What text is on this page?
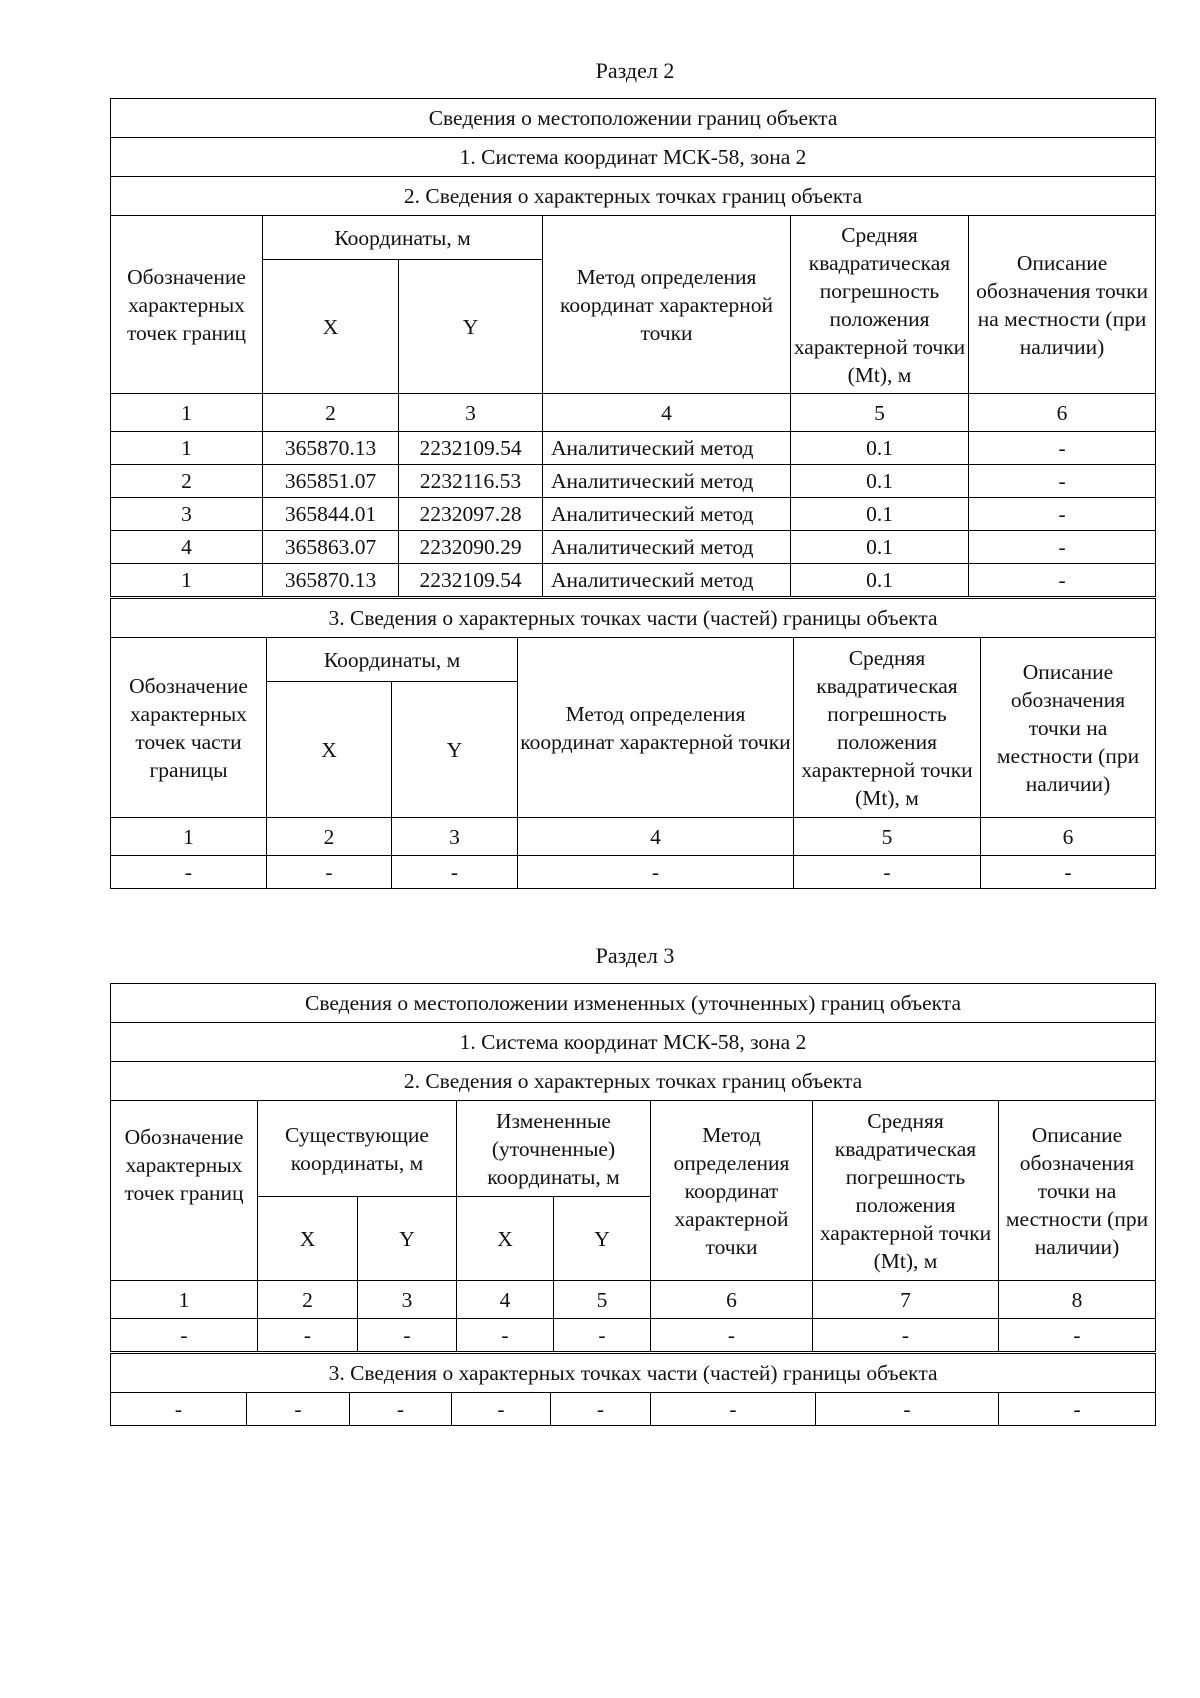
Раздел 2
Сведения о местоположении границ объекта					
1. Система координат МСК-58, зона 2					
2. Сведения о характерных точках границ объекта					
Обозначение характерных точек границ	Координаты, м		Метод определения координат характерной точки	Средняя квадратическая погрешность положения характерной точки (Mt), м	Описание обозначения точки на местности (при наличии)
	X	Y			
1	2	3	4	5	6
1	365870.13	2232109.54	Аналитический метод	0.1	-
2	365851.07	2232116.53	Аналитический метод	0.1	-
3	365844.01	2232097.28	Аналитический метод	0.1	-
4	365863.07	2232090.29	Аналитический метод	0.1	-
1	365870.13	2232109.54	Аналитический метод	0.1	-
3. Сведения о характерных точках части (частей) границы объекта					
Обозначение характерных точек части границы	Координаты, м		Метод определения координат характерной точки	Средняя квадратическая погрешность положения характерной точки (Mt), м	Описание обозначения точки на местности (при наличии)
	X	Y			
1	2	3	4	5	6
-	-	-	-	-	-
Раздел 3
Сведения о местоположении измененных (уточненных) границ объекта							
1. Система координат МСК-58, зона 2							
2. Сведения о характерных точках границ объекта							
Обозначение характерных точек границ	Существующие координаты, м		Измененные (уточненные) координаты, м		Метод определения координат характерной точки	Средняя квадратическая погрешность положения характерной точки (Mt), м	Описание обозначения точки на местности (при наличии)
	X	Y	X	Y			
1	2	3	4	5	6	7	8
-	-	-	-	-	-	-	-
3. Сведения о характерных точках части (частей) границы объекта
-	-	-	-	-	-	-	-
